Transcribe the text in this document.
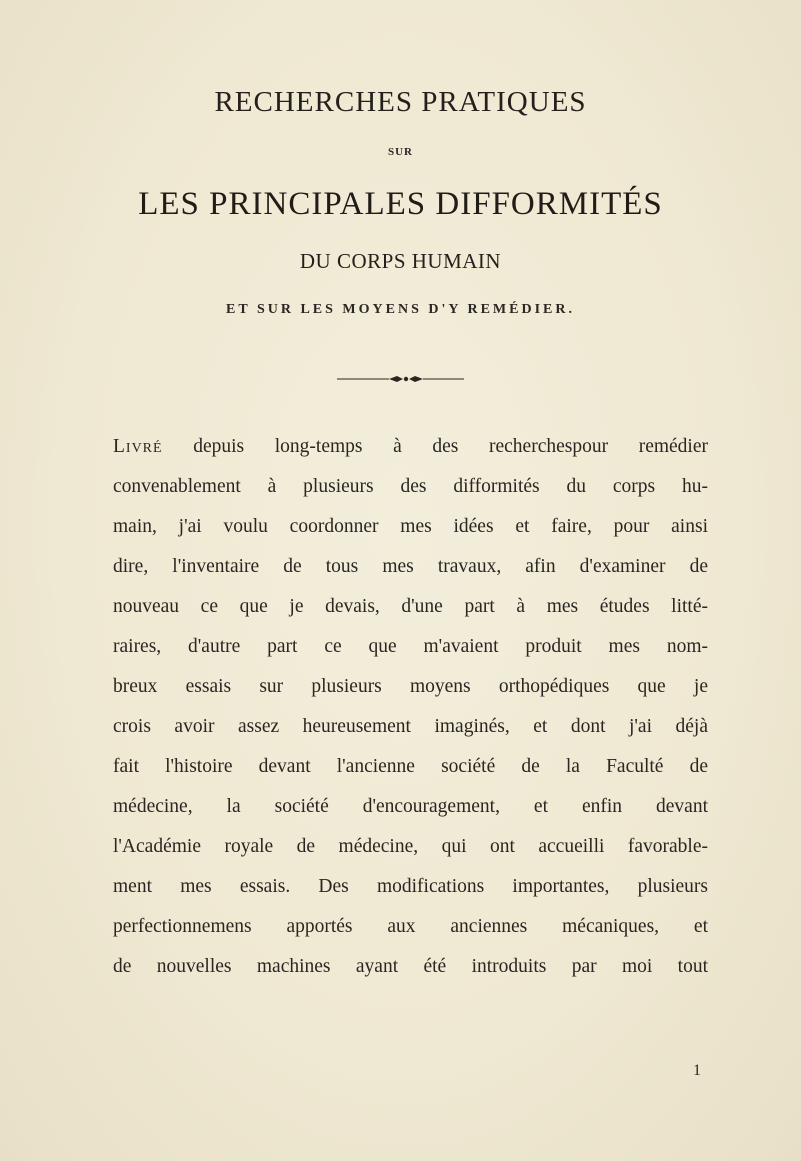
RECHERCHES PRATIQUES
SUR
LES PRINCIPALES DIFFORMITÉS
DU CORPS HUMAIN
ET SUR LES MOYENS D'Y REMÉDIER.
Livré depuis long-temps à des recherchespour remédier
convenablement à plusieurs des difformités du corps hu-
main, j'ai voulu coordonner mes idées et faire, pour ainsi
dire, l'inventaire de tous mes travaux, afin d'examiner de
nouveau ce que je devais, d'une part à mes études litté-
raires, d'autre part ce que m'avaient produit mes nom-
breux essais sur plusieurs moyens orthopédiques que je
crois avoir assez heureusement imaginés, et dont j'ai déjà
fait l'histoire devant l'ancienne société de la Faculté de
médecine, la société d'encouragement, et enfin devant
l'Académie royale de médecine, qui ont accueilli favorable-
ment mes essais. Des modifications importantes, plusieurs
perfectionnemens apportés aux anciennes mécaniques, et
de nouvelles machines ayant été introduits par moi tout
1
